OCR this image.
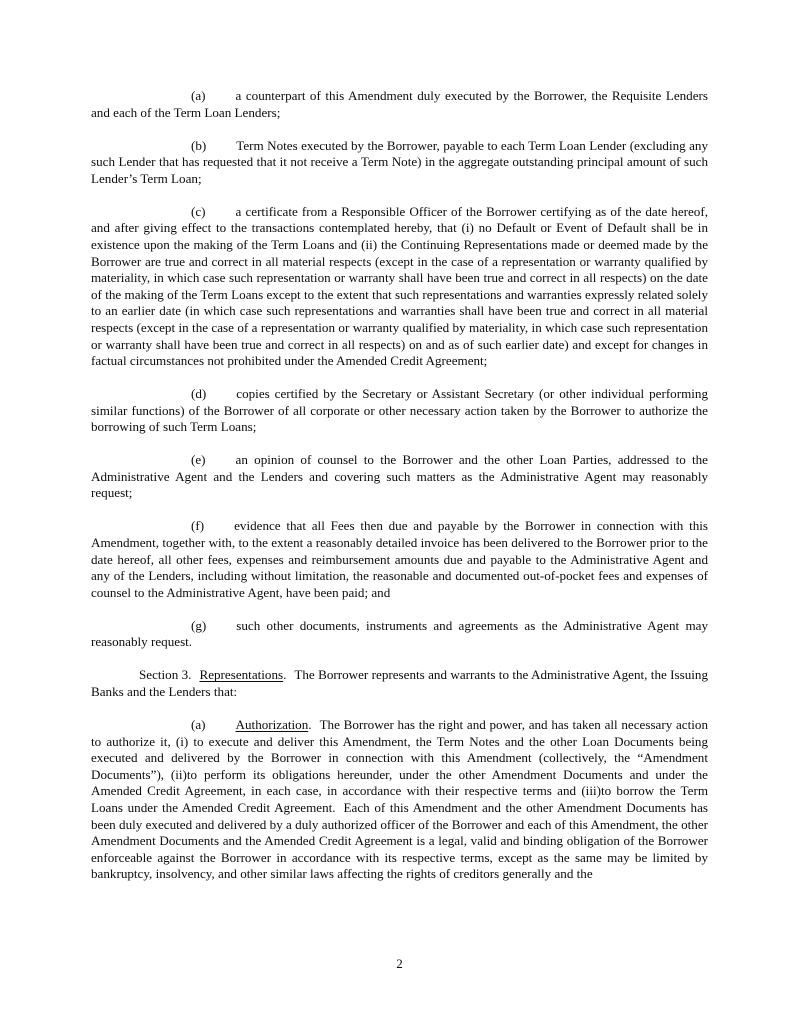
(a) a counterpart of this Amendment duly executed by the Borrower, the Requisite Lenders and each of the Term Loan Lenders;

(b) Term Notes executed by the Borrower, payable to each Term Loan Lender (excluding any such Lender that has requested that it not receive a Term Note) in the aggregate outstanding principal amount of such Lender’s Term Loan;

(c) a certificate from a Responsible Officer of the Borrower certifying as of the date hereof, and after giving effect to the transactions contemplated hereby, that (i) no Default or Event of Default shall be in existence upon the making of the Term Loans and (ii) the Continuing Representations made or deemed made by the Borrower are true and correct in all material respects (except in the case of a representation or warranty qualified by materiality, in which case such representation or warranty shall have been true and correct in all respects) on the date of the making of the Term Loans except to the extent that such representations and warranties expressly related solely to an earlier date (in which case such representations and warranties shall have been true and correct in all material respects (except in the case of a representation or warranty qualified by materiality, in which case such representation or warranty shall have been true and correct in all respects) on and as of such earlier date) and except for changes in factual circumstances not prohibited under the Amended Credit Agreement;

(d) copies certified by the Secretary or Assistant Secretary (or other individual performing similar functions) of the Borrower of all corporate or other necessary action taken by the Borrower to authorize the borrowing of such Term Loans;

(e) an opinion of counsel to the Borrower and the other Loan Parties, addressed to the Administrative Agent and the Lenders and covering such matters as the Administrative Agent may reasonably request;

(f) evidence that all Fees then due and payable by the Borrower in connection with this Amendment, together with, to the extent a reasonably detailed invoice has been delivered to the Borrower prior to the date hereof, all other fees, expenses and reimbursement amounts due and payable to the Administrative Agent and any of the Lenders, including without limitation, the reasonable and documented out-of-pocket fees and expenses of counsel to the Administrative Agent, have been paid; and

(g) such other documents, instruments and agreements as the Administrative Agent may reasonably request.

Section 3. Representations. The Borrower represents and warrants to the Administrative Agent, the Issuing Banks and the Lenders that:

(a) Authorization. The Borrower has the right and power, and has taken all necessary action to authorize it, (i) to execute and deliver this Amendment, the Term Notes and the other Loan Documents being executed and delivered by the Borrower in connection with this Amendment (collectively, the “Amendment Documents”), (ii)to perform its obligations hereunder, under the other Amendment Documents and under the Amended Credit Agreement, in each case, in accordance with their respective terms and (iii)to borrow the Term Loans under the Amended Credit Agreement. Each of this Amendment and the other Amendment Documents has been duly executed and delivered by a duly authorized officer of the Borrower and each of this Amendment, the other Amendment Documents and the Amended Credit Agreement is a legal, valid and binding obligation of the Borrower enforceable against the Borrower in accordance with its respective terms, except as the same may be limited by bankruptcy, insolvency, and other similar laws affecting the rights of creditors generally and the

2
